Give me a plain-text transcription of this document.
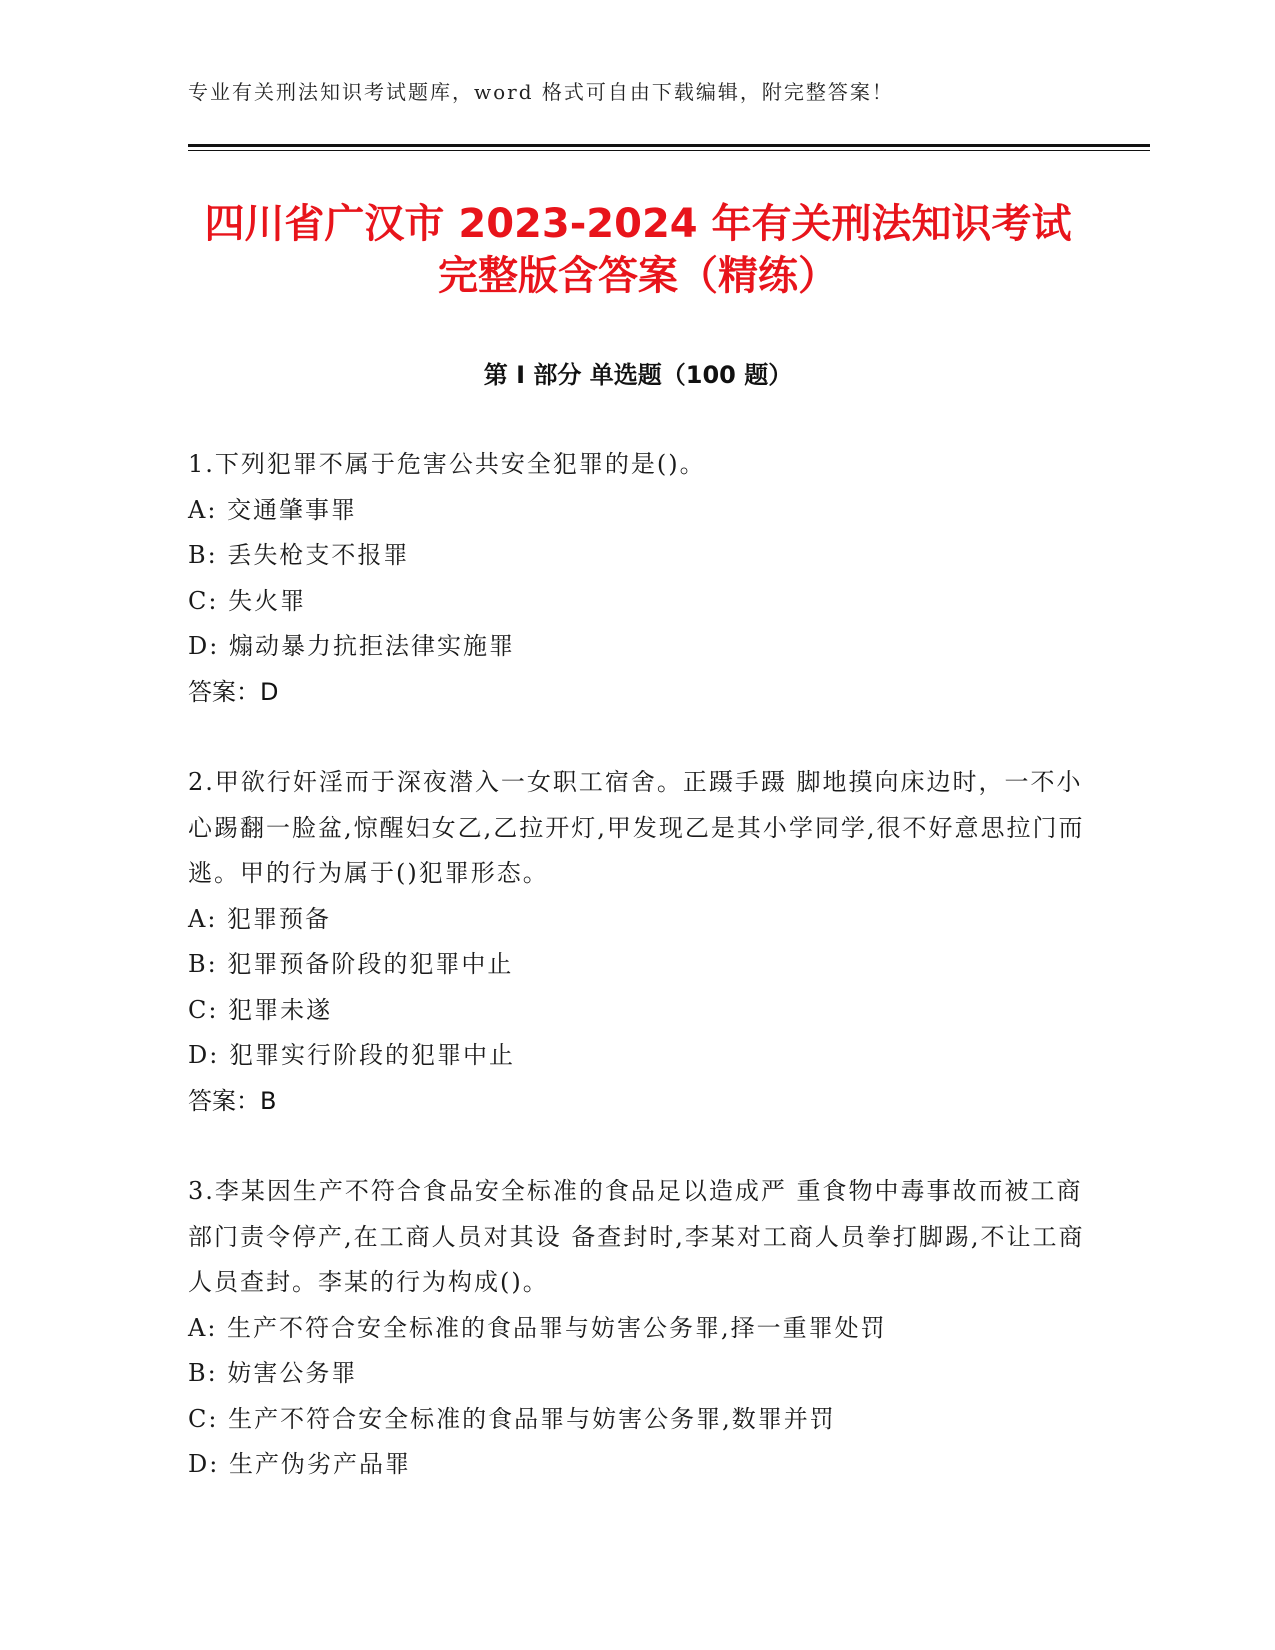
专业有关刑法知识考试题库，word 格式可自由下载编辑，附完整答案！
四川省广汉市 2023-2024 年有关刑法知识考试完整版含答案（精练）
第 I 部分 单选题（100 题）

1.下列犯罪不属于危害公共安全犯罪的是()。

A: 交通肇事罪

B: 丢失枪支不报罪

C: 失火罪

D: 煽动暴力抗拒法律实施罪

答案：D

2.甲欲行奸淫而于深夜潜入一女职工宿舍。正蹑手蹑 脚地摸向床边时，一不小心踢翻一脸盆,惊醒妇女乙,乙拉开灯,甲发现乙是其小学同学,很不好意思拉门而逃。甲的行为属于()犯罪形态。

A: 犯罪预备

B: 犯罪预备阶段的犯罪中止

C: 犯罪未遂

D: 犯罪实行阶段的犯罪中止

答案：B

3.李某因生产不符合食品安全标准的食品足以造成严 重食物中毒事故而被工商部门责令停产,在工商人员对其设 备查封时,李某对工商人员拳打脚踢,不让工商人员查封。李某的行为构成()。

A: 生产不符合安全标准的食品罪与妨害公务罪,择一重罪处罚

B: 妨害公务罪

C: 生产不符合安全标准的食品罪与妨害公务罪,数罪并罚

D: 生产伪劣产品罪
